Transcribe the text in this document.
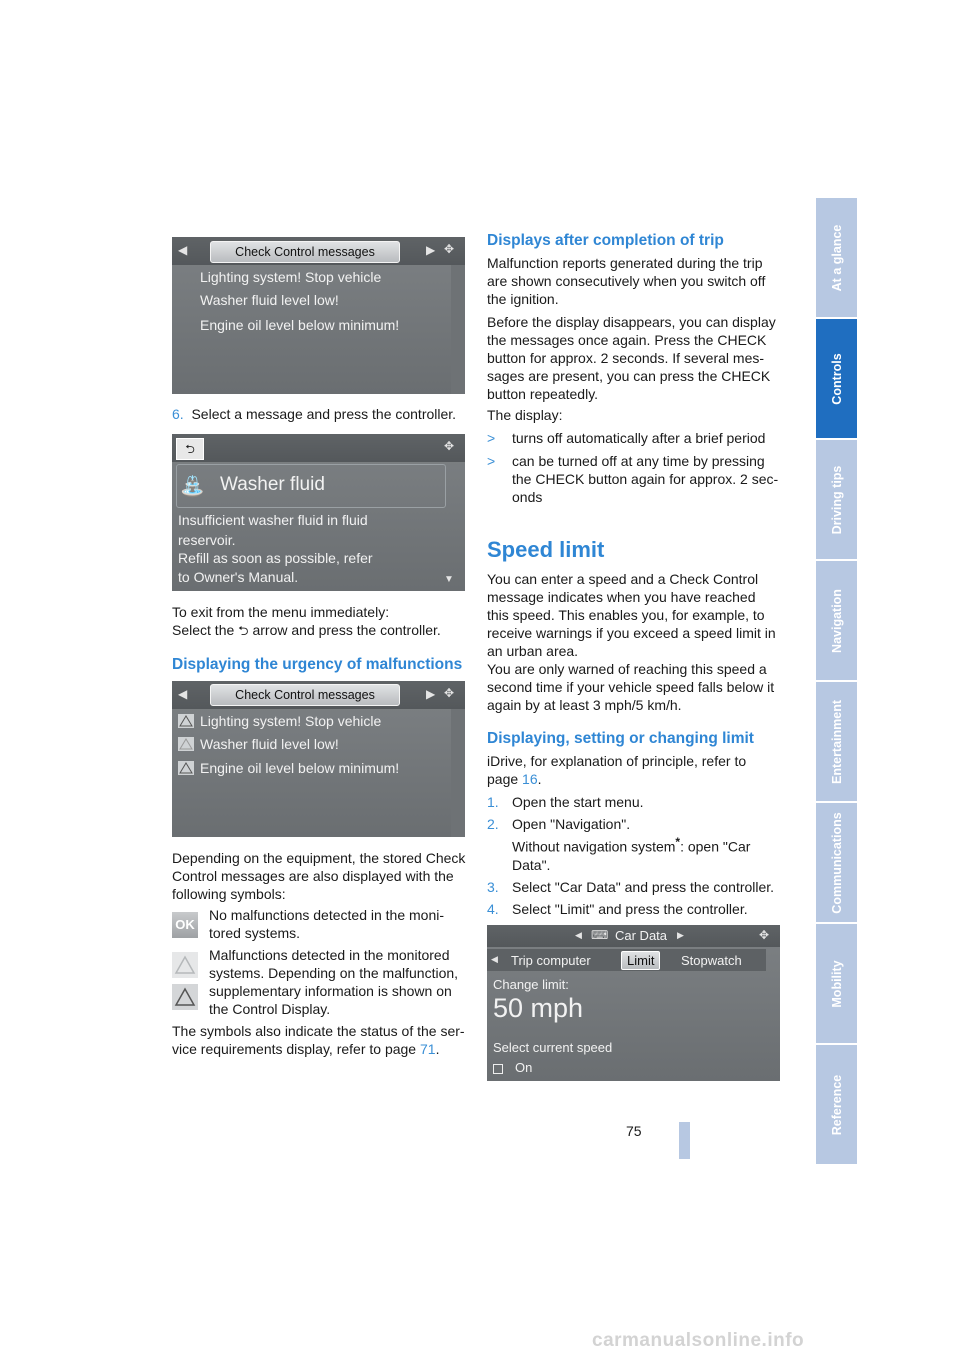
At a glance
Controls
Driving tips
Navigation
Entertainment
Communications
Mobility
Reference
◀	Check Control messages	▶ ✥
Lighting system! Stop vehicle
Washer fluid level low!
Engine oil level below minimum!

6. Select a message and press the controller.

⮌	✥
⛲ Washer fluid
Insufficient washer fluid in fluid
reservoir.
Refill as soon as possible, refer
to Owner's Manual.	▼

To exit from the menu immediately:
Select the ⮌ arrow and press the controller.

Displaying the urgency of malfunctions
◀	Check Control messages	▶ ✥
Lighting system! Stop vehicle
Washer fluid level low!
Engine oil level below minimum!

Depending on the equipment, the stored Check
Control messages are also displayed with the
following symbols:

OK

No malfunctions detected in the moni-
tored systems.

Malfunctions detected in the monitored
systems. Depending on the malfunction,
supplementary information is shown on
the Control Display.

The symbols also indicate the status of the ser-
vice requirements display, refer to page 71.

Displays after completion of trip

Malfunction reports generated during the trip
are shown consecutively when you switch off
the ignition.

Before the display disappears, you can display
the messages once again. Press the CHECK
button for approx. 2 seconds. If several mes-
sages are present, you can press the CHECK
button repeatedly.

The display:

> turns off automatically after a brief period
> can be turned off at any time by pressing
the CHECK button again for approx. 2 sec-
onds
Speed limit

You can enter a speed and a Check Control
message indicates when you have reached
this speed. This enables you, for example, to
receive warnings if you exceed a speed limit in
an urban area.
You are only warned of reaching this speed a
second time if your vehicle speed falls below it
again by at least 3 mph/5 km/h.

Displaying, setting or changing limit

iDrive, for explanation of principle, refer to
page 16.

1. Open the start menu.
2. Open "Navigation".
Without navigation system*: open "Car
Data".
3. Select "Car Data" and press the controller.
4. Select "Limit" and press the controller.
◀ ⌨ Car Data ▶	✥
◀ Trip computer	Limit	Stopwatch
Change limit:
50 mph
Select current speed
On
75
carmanualsonline.info
